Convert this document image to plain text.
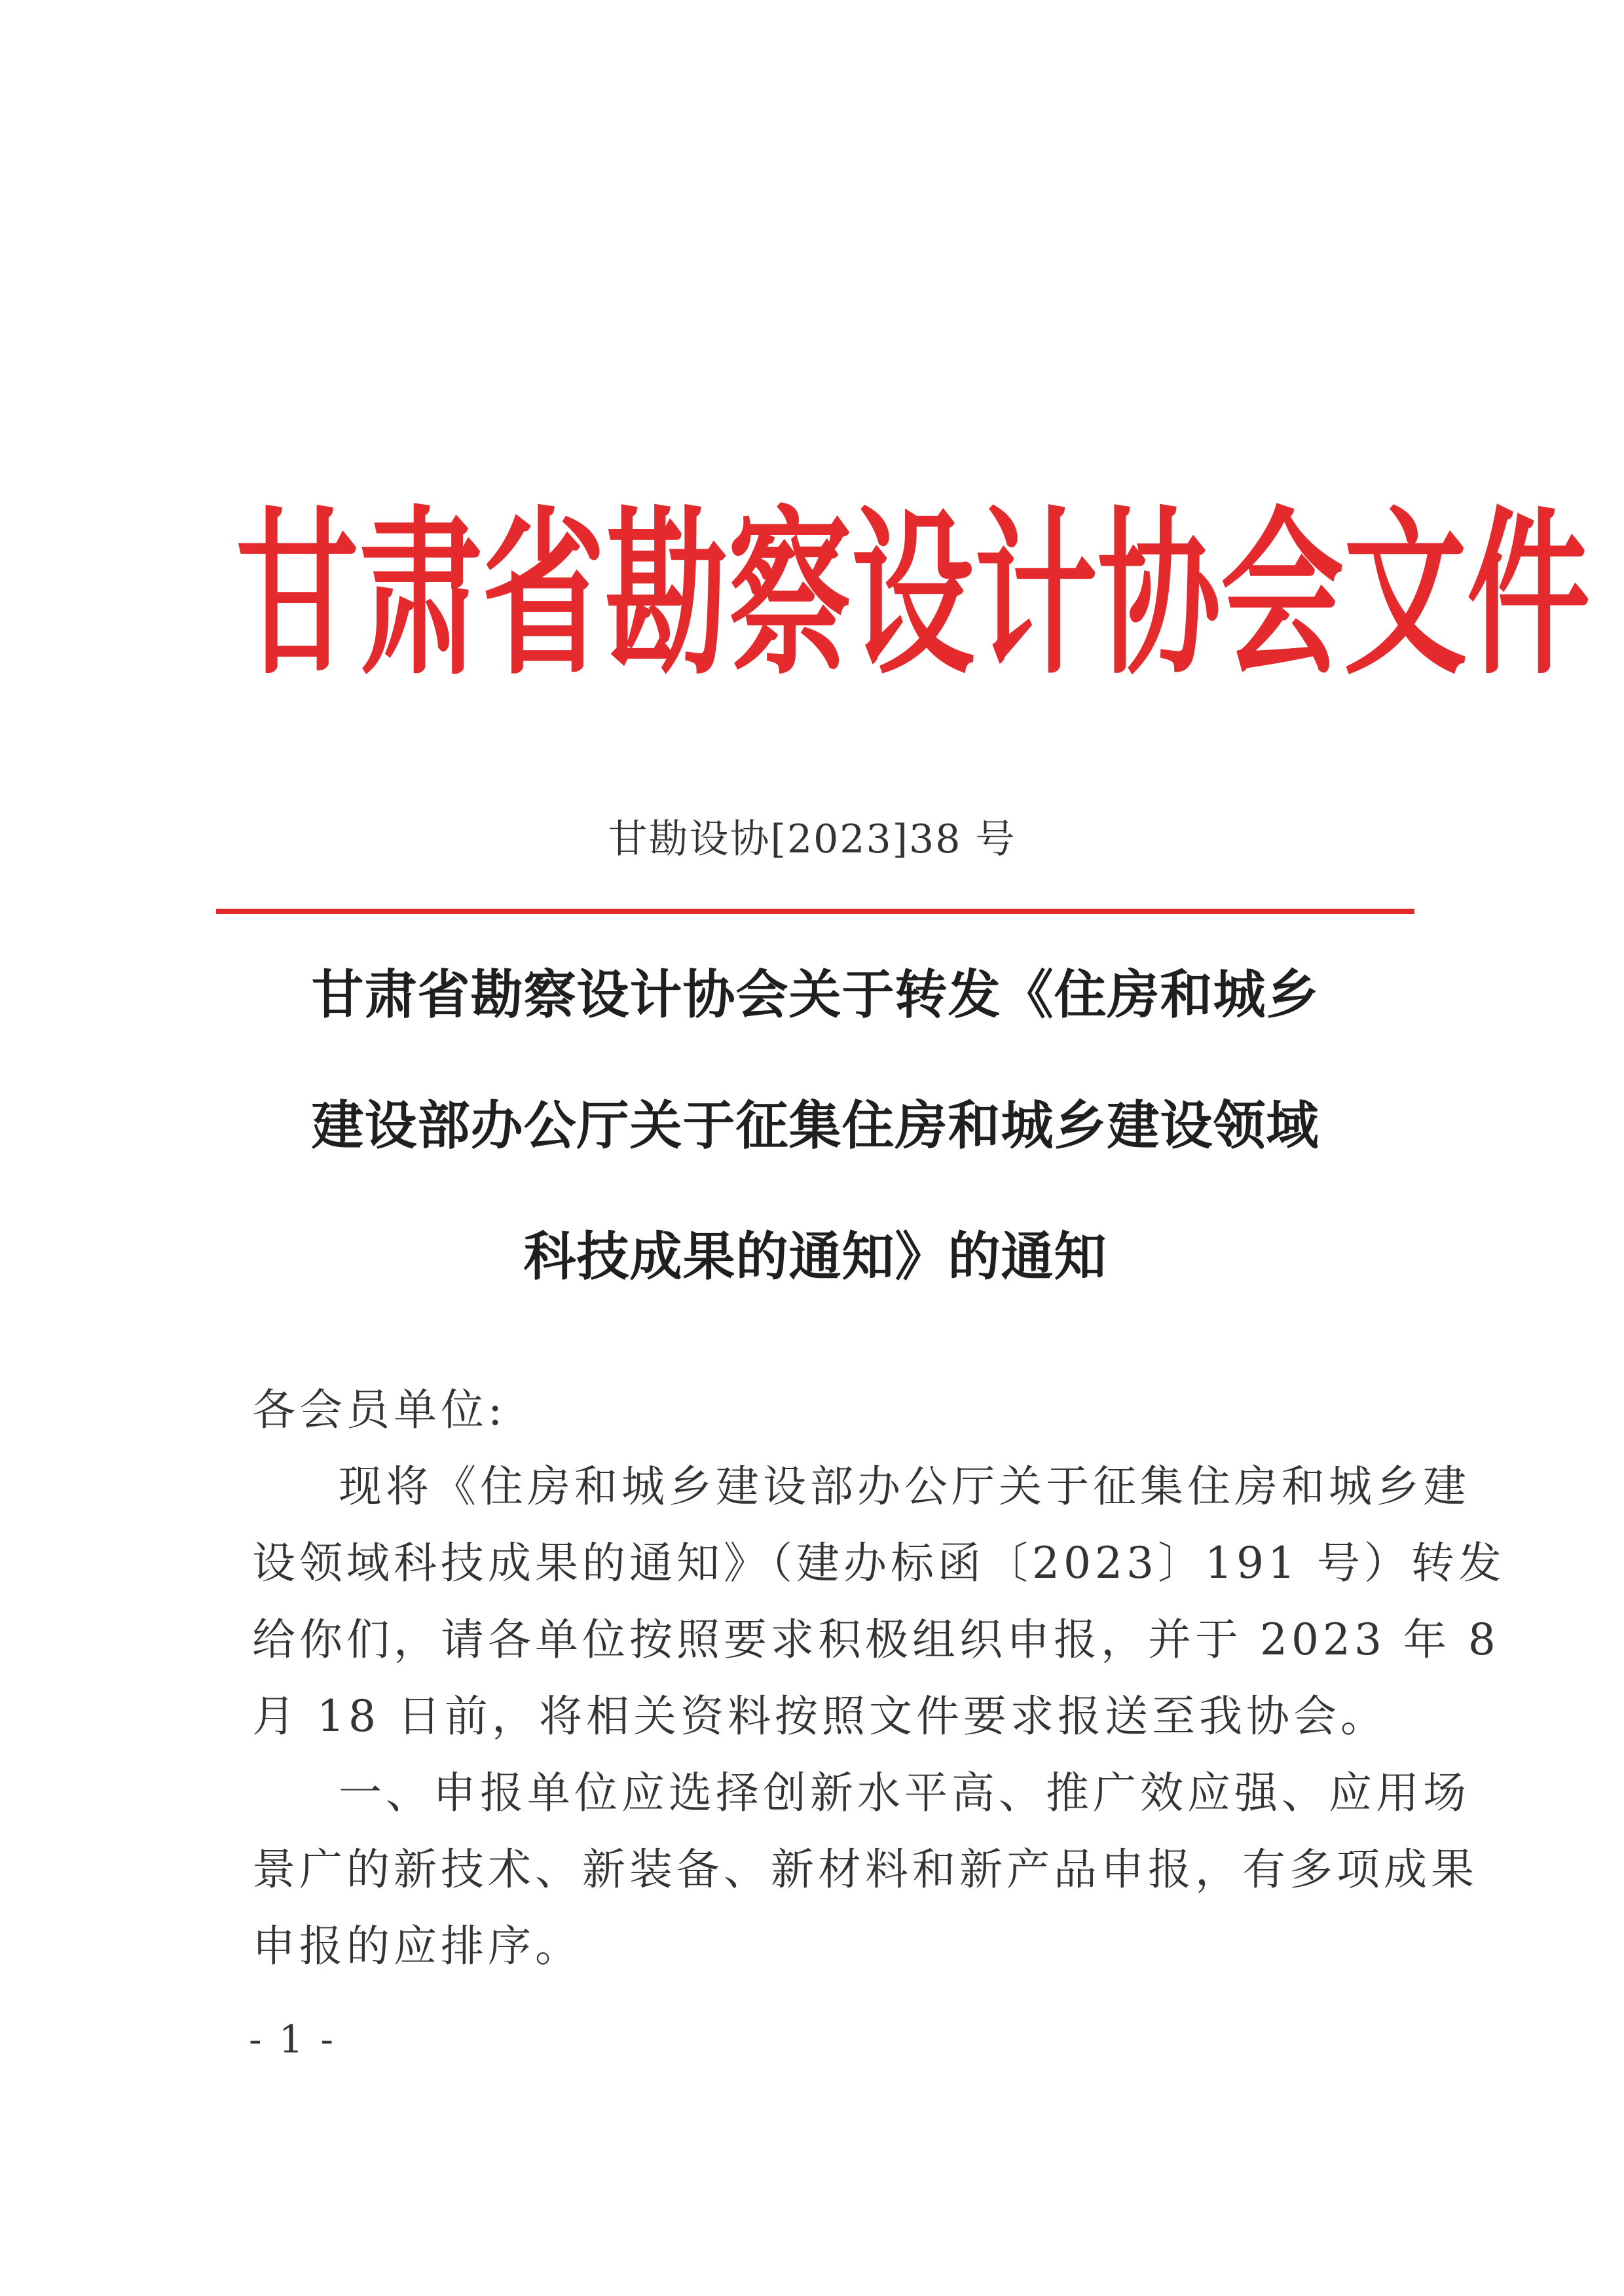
甘 肃 省 勘 察 设 计 协 会 文 件
甘勘设协[2023]38 号
甘肃省勘察设计协会关于转发《住房和城乡
建设部办公厅关于征集住房和城乡建设领域
科技成果的通知》的通知
各会员单位:
现将《住房和城乡建设部办公厅关于征集住房和城乡建
设领域科技成果的通知》（建办标函〔2023〕191 号）转发
给你们，请各单位按照要求积极组织申报，并于 2023 年 8
月 18 日前，将相关资料按照文件要求报送至我协会。
一、申报单位应选择创新水平高、推广效应强、应用场
景广的新技术、新装备、新材料和新产品申报，有多项成果
申报的应排序。
- 1 -
